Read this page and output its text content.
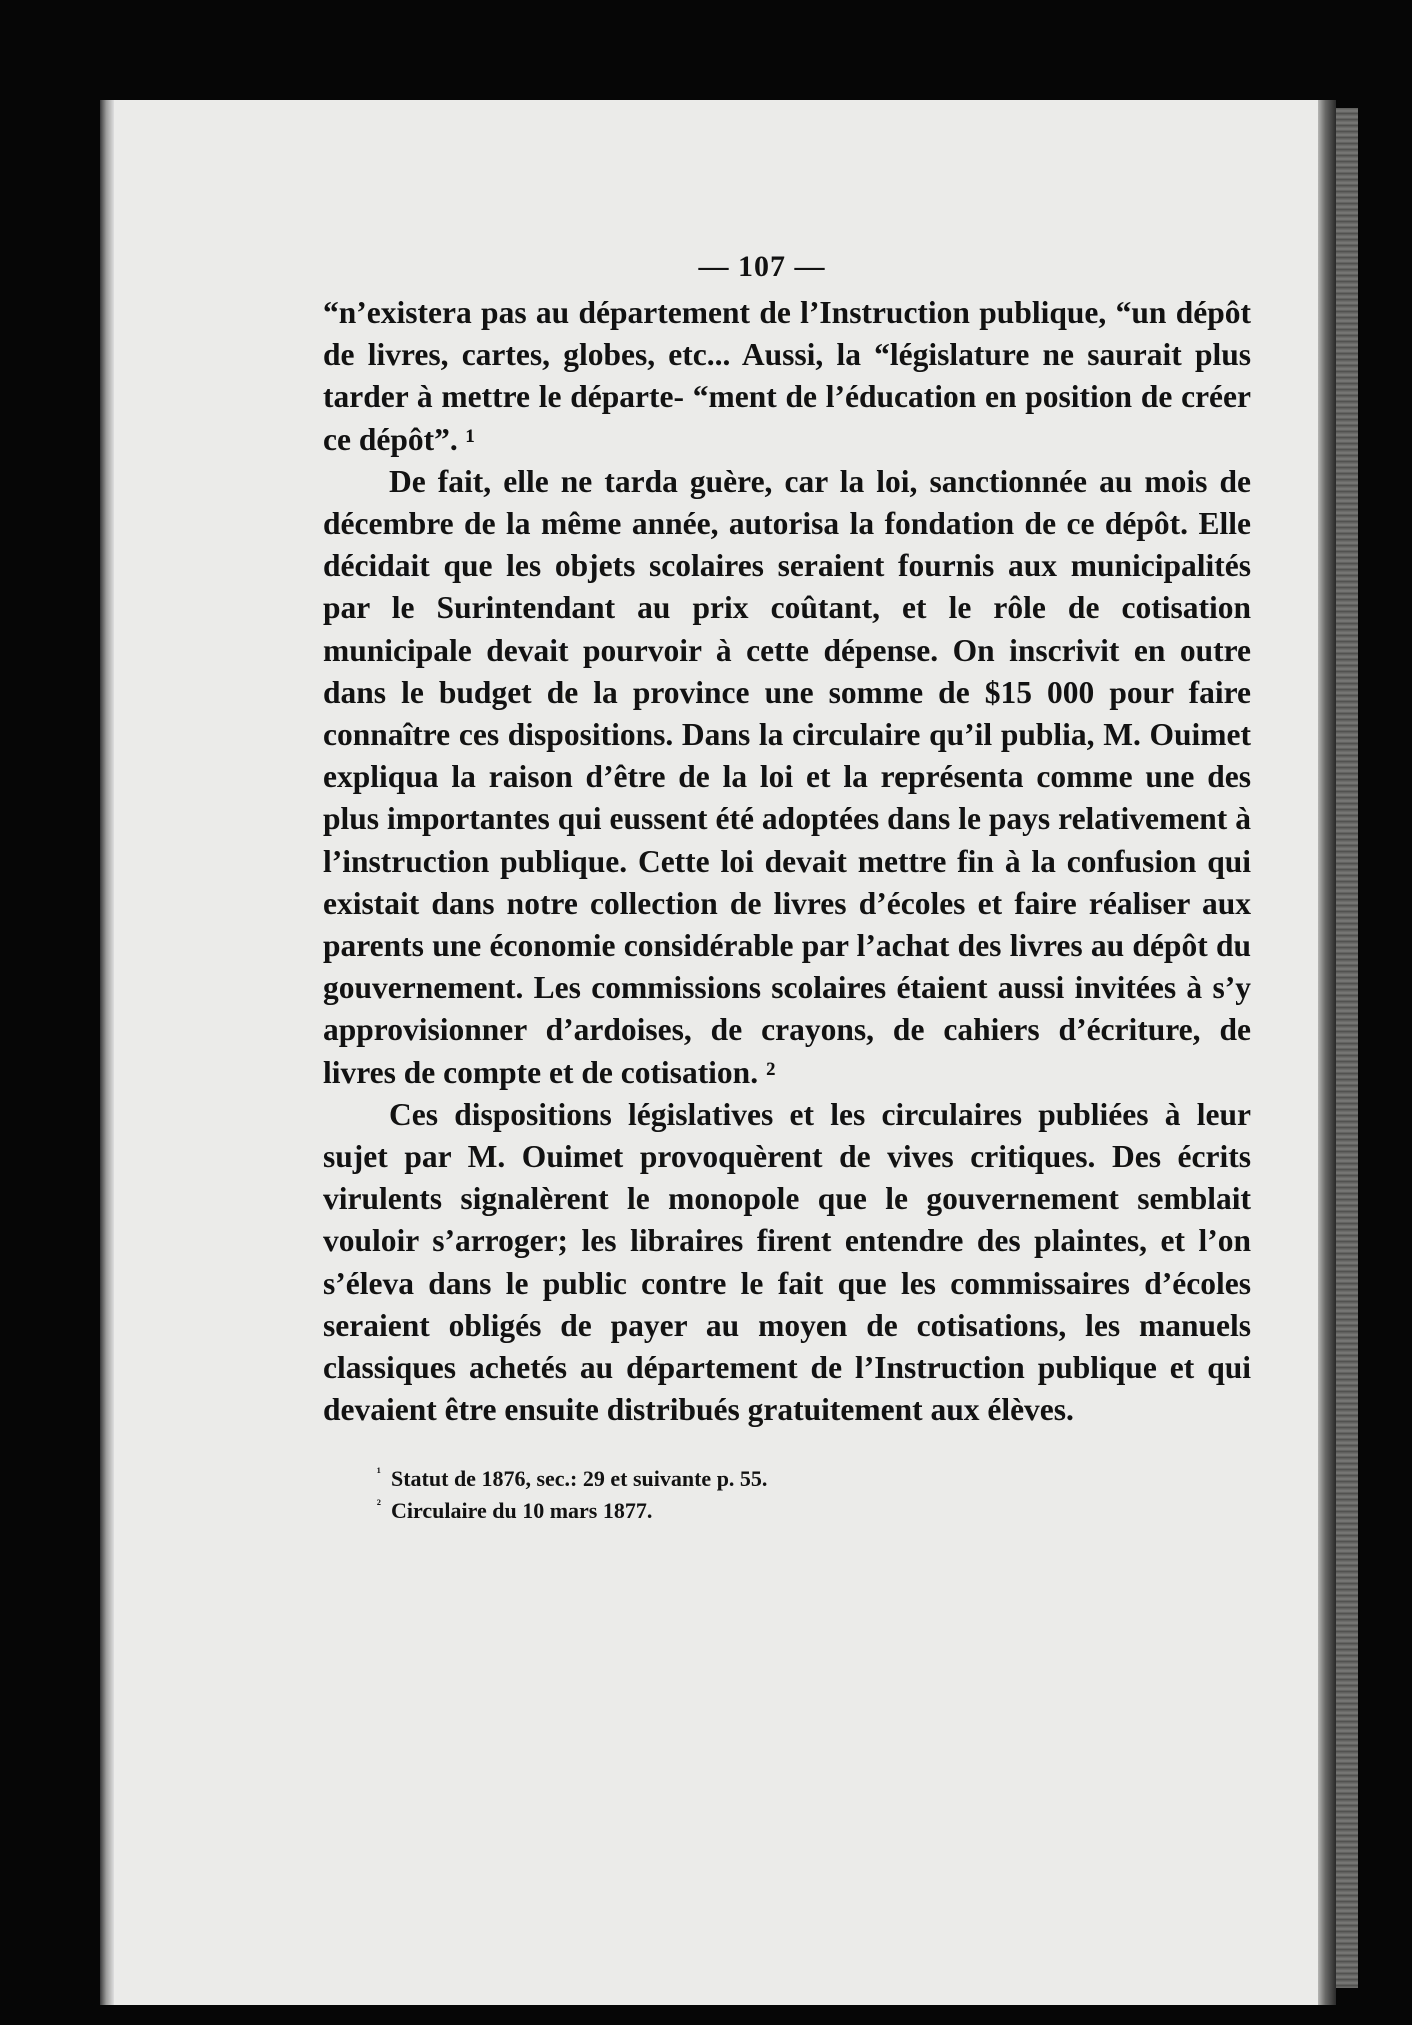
— 107 —

“n’existera pas au département de l’Instruction publique, “un dépôt de livres, cartes, globes, etc... Aussi, la “législature ne saurait plus tarder à mettre le départe- “ment de l’éducation en position de créer ce dépôt”. ¹

De fait, elle ne tarda guère, car la loi, sanctionnée au mois de décembre de la même année, autorisa la fondation de ce dépôt. Elle décidait que les objets scolaires seraient fournis aux municipalités par le Surintendant au prix coûtant, et le rôle de cotisation municipale devait pourvoir à cette dépense. On inscrivit en outre dans le budget de la province une somme de $15 000 pour faire connaître ces dispositions. Dans la circulaire qu’il publia, M. Ouimet expliqua la raison d’être de la loi et la représenta comme une des plus importantes qui eussent été adoptées dans le pays relativement à l’instruction publique. Cette loi devait mettre fin à la confusion qui existait dans notre collection de livres d’écoles et faire réaliser aux parents une économie considérable par l’achat des livres au dépôt du gouvernement. Les commissions scolaires étaient aussi invitées à s’y approvisionner d’ardoises, de crayons, de cahiers d’écriture, de livres de compte et de cotisation. ²

Ces dispositions législatives et les circulaires publiées à leur sujet par M. Ouimet provoquèrent de vives critiques. Des écrits virulents signalèrent le monopole que le gouvernement semblait vouloir s’arroger; les libraires firent entendre des plaintes, et l’on s’éleva dans le public contre le fait que les commissaires d’écoles seraient obligés de payer au moyen de cotisations, les manuels classiques achetés au département de l’Instruction publique et qui devaient être ensuite distribués gratuitement aux élèves.

¹ Statut de 1876, sec.: 29 et suivante p. 55.
² Circulaire du 10 mars 1877.
